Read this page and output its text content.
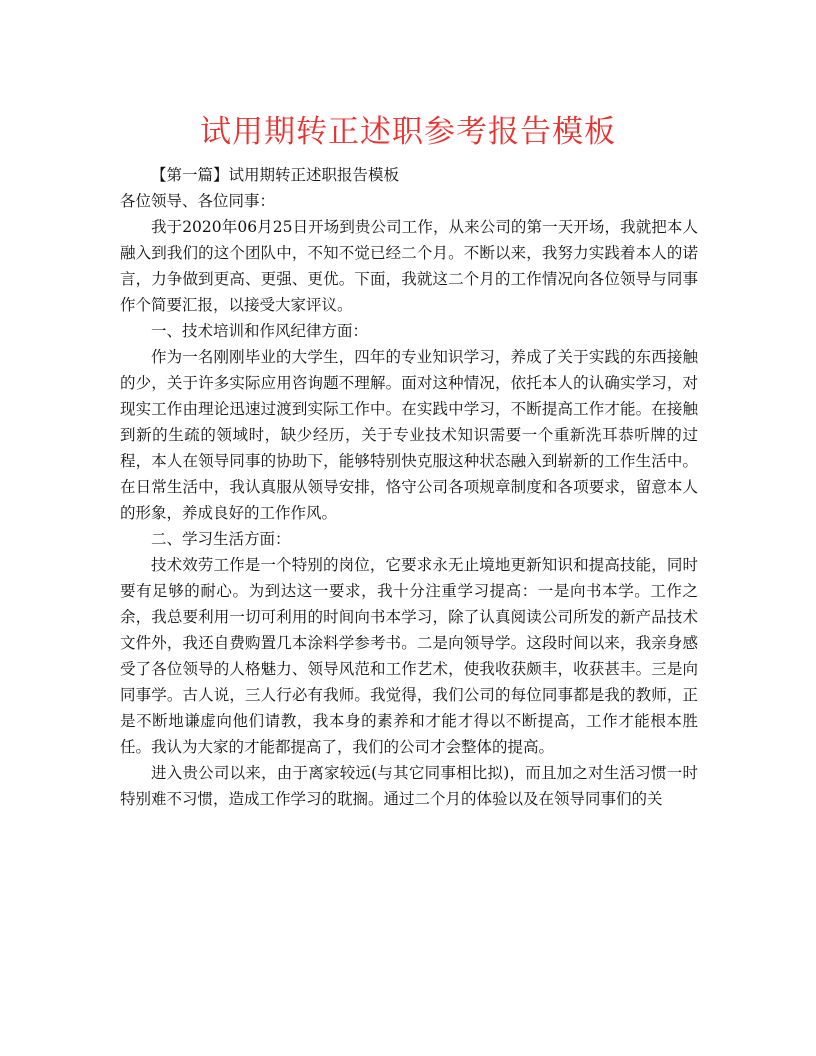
试用期转正述职参考报告模板

【第一篇】试用期转正述职报告模板

各位领导、各位同事：

我于2020年06月25日开场到贵公司工作，从来公司的第一天开场，我就把本人融入到我们的这个团队中，不知不觉已经二个月。不断以来，我努力实践着本人的诺言，力争做到更高、更强、更优。下面，我就这二个月的工作情况向各位领导与同事作个简要汇报，以接受大家评议。

一、技术培训和作风纪律方面：

作为一名刚刚毕业的大学生，四年的专业知识学习，养成了关于实践的东西接触的少，关于许多实际应用咨询题不理解。面对这种情况，依托本人的认确实学习，对现实工作由理论迅速过渡到实际工作中。在实践中学习，不断提高工作才能。在接触到新的生疏的领域时，缺少经历，关于专业技术知识需要一个重新洗耳恭听牌的过程，本人在领导同事的协助下，能够特别快克服这种状态融入到崭新的工作生活中。在日常生活中，我认真服从领导安排，恪守公司各项规章制度和各项要求，留意本人的形象，养成良好的工作作风。

二、学习生活方面：

技术效劳工作是一个特别的岗位，它要求永无止境地更新知识和提高技能，同时要有足够的耐心。为到达这一要求，我十分注重学习提高：一是向书本学。工作之余，我总要利用一切可利用的时间向书本学习，除了认真阅读公司所发的新产品技术文件外，我还自费购置几本涂料学参考书。二是向领导学。这段时间以来，我亲身感受了各位领导的人格魅力、领导风范和工作艺术，使我收获颇丰，收获甚丰。三是向同事学。古人说，三人行必有我师。我觉得，我们公司的每位同事都是我的教师，正是不断地谦虚向他们请教，我本身的素养和才能才得以不断提高，工作才能根本胜任。我认为大家的才能都提高了，我们的公司才会整体的提高。

进入贵公司以来，由于离家较远(与其它同事相比拟)，而且加之对生活习惯一时特别难不习惯，造成工作学习的耽搁。通过二个月的体验以及在领导同事们的关
